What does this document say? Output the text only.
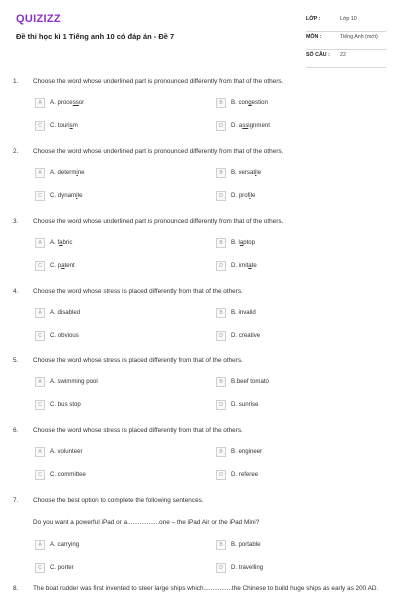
QUIZIZZ
Đề thi học kì 1 Tiếng anh 10 có đáp án - Đề 7
LỚP :	Lớp 10
MÔN :	Tiếng Anh (mới)
SỐ CÂU : 22
1. Choose the word whose underlined part is pronounced differently from that of the others.
A	A. processor	B	B. congestion
C	C. tourism	D	D. assignment
2. Choose the word whose underlined part is pronounced differently from that of the others.
A	A. determine	B	B. versatile
C	C. dynamite	D	D. profile
3. Choose the word whose underlined part is pronounced differently from that of the others.
A	A. fabric	B	B. laptop
C	C. patent	D	D. imitate
4. Choose the word whose stress is placed differently from that of the others.
A	A. disabled	B	B. invalid
C	C. obvious	D	D. creative
5. Choose the word whose stress is placed differently from that of the others.
A	A. swimming pool	B	B.beef tomato
C	C. bus stop	D	D. sunrise
6. Choose the word whose stress is placed differently from that of the others.
A	A. volunteer	B	B. engineer
C	C. committee	D	D. referee
7. Choose the best option to complete the following sentences.
Do you want a powerful iPad or a..................one – the iPad Air or the iPad Mini?
A	A. carrying	B	B. portable
C	C. porter	D	D. travelling
8. The boat rudder was first invented to steer large ships which................the Chinese to build huge ships as early as 200 AD.
